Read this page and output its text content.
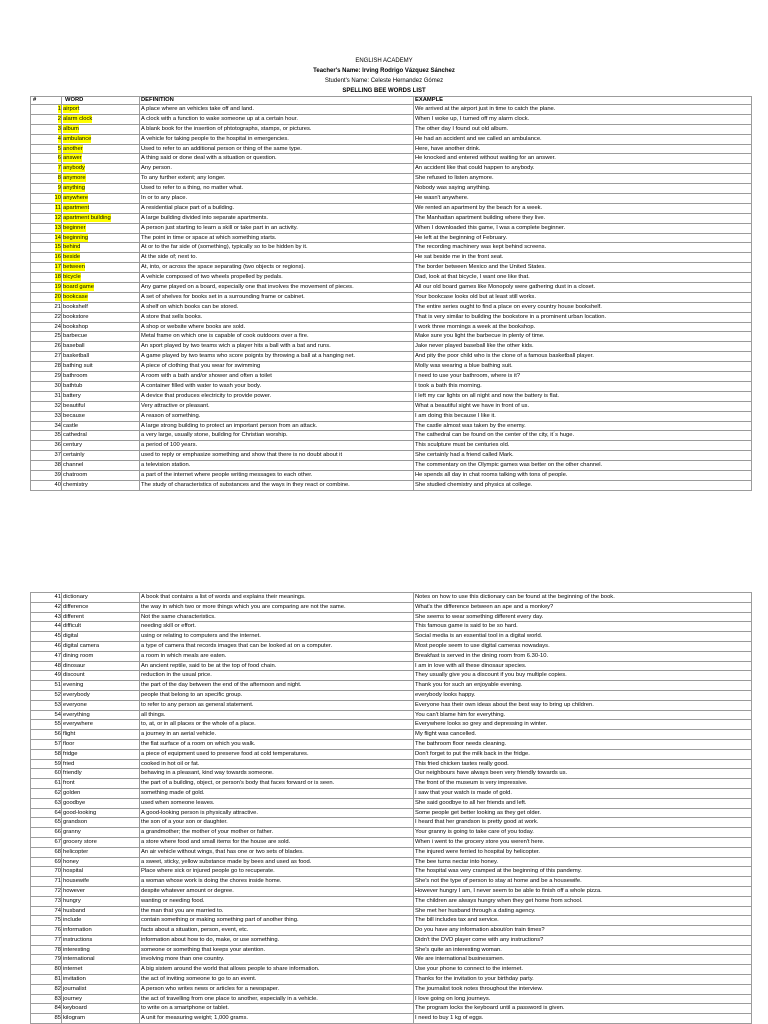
ENGLISH ACADEMY
Teacher's Name: Irving Rodrigo Vázquez Sánchez
Student's Name: Celeste Hernandez Gómez
SPELLING BEE WORDS LIST
#	WORD	DEFINITION	EXAMPLE
1 airport	A place where an vehicles take off and land.	We arrived at the airport just in time to catch the plane.
2 alarm clock	A clock with a function to wake someone up at a certain hour.	When I woke up, I turned off my alarm clock.
3 album	A blank book for the insertion of phtotographs, stamps, or pictures.	The other day I found out old album.
4 ambulance	A vehicle for taking people to the hospital in emergencies.	He had an accident and we called an ambulance.
5 another	Used to refer to an additional person or thing of the same type.	Here, have another drink.
6 answer	A thing said or done deal with a situation or question.	He knocked and entered without waiting for an answer.
7 anybody	Any person.	An accident like that could happen to anybody.
8 anymore	To any further extent; any longer.	She refused to listen anymore.
9 anything	Used to refer to a thing, no matter what.	Nobody was saying anything.
10 anywhere	In or to any place.	He wasn't anywhere.
11 apartment	A residential place part of a building.	We rented an apartment by the beach for a week.
12 apartment building	A large building divided into separate apartments.	The Manhattan apartment building where they live.
13 beginner	A person just starting to learn a skill or take part in an activity.	When I downloaded this game, I was a complete beginner.
14 beginning	The point in time or space at which something starts.	He left at the beginning of February.
15 behind	At or to the far side of (something), typically so to be hidden by it.	The recording machinery was kept behind screens.
16 beside	At the side of; next to.	He sat beside me in the front seat.
17 between	At, into, or across the space separating (two objects or regions).	The border between Mexico and the United States.
18 bicycle	A vehicle composed of two wheels propelled by pedals.	Dad, look at that bicycle, I want one like that.
19 board game	Any game played on a board, especially one that involves the movement of pieces.	All our old board games like Monopoly were gathering dust in a closet.
20 bookcase	A set of shelves for books set in a surrounding frame or cabinet.	Your bookcase looks old but at least still works.
21 bookshelf	A shelf on which books can be stored.	The entire series ought to find a place on every country house bookshelf.
22 bookstore	A store that sells books.	That is very similar to building the bookstore in a prominent urban location.
24 bookshop	A shop or website where books are sold.	I work three mornings a week at the bookshop.
25 barbecue	Metal frame on which one is capable of cook outdoors over a fire.	Make sure you light the barbecue in plenty of time.
26 baseball	An sport played by two teams wich a player hits a ball with a bat and runs.	Jake never played baseball like the other kids.
27 basketball	A game played by two teams who score poignts by throwing a ball at a hanging net.	And pity the poor child who is the clone of a famous basketball player.
28 bathing suit	A piece of clothing that you wear for swimming	Molly was wearing a blue bathing suit.
29 bathroom	A room with a bath and/or shower and often a toilet	I need to use your bathroom, where is it?
30 bathtub	A container filled with water to wash your body.	I took a bath this morning.
31 battery	A device that produces electricity to provide power.	I left my car lights on all night and now the battery is flat.
32 beautiful	Very attractive or pleasant.	What a beautiful sight we have in front of us.
33 because	A reason of something.	I am doing this because I like it.
34 castle	A large strong building to protect an important person from an attack.	The castle almost was taken by the enemy.
35 cathedral	a very large, usually stone, building for Christian worship.	The cathedral can be found on the center of the city, it´s huge.
36 century	a period of 100 years.	This sculpture must be centuries old.
37 certainly	used to reply or emphasize something and show that there is no doubt about it	She certainly had a friend called Mark.
38 channel	a television station.	The commentary on the Olympic games was better on the other channel.
39 chatroom	a part of the internet where people writing messages to each other.	He spends all day in chat rooms talking with tons of people.
40 chemistry	The study of characteristics of substances and the ways in they react or combine.	She studied chemistry and physics at college.
41 dictionary	A book that contains a list of words and explains their meanings.	Notes on how to use this dictionary can be found at the beginning of the book.
42 difference	the way in which two or more things which you are comparing are not the same.	What's the difference between an ape and a monkey?
43 different	Not the same characteristics.	She seems to wear something different every day.
44 difficult	needing skill or effort.	This famous game is said to be so hard.
45 digital	using or relating to computers and the internet.	Social media is an essential tool in a digital world.
46 digital camera	a type of camera that records images that can be looked at on a computer.	Most people seem to use digital cameras nowadays.
47 dining room	a room in which meals are eaten.	Breakfast is served in the dining room from 6.30-10.
48 dinosaur	An ancient reptile, said to be at the top of food chain.	I am in love with all these dinosaur species.
49 discount	reduction in the usual price.	They usually give you a discount if you buy multiple copies.
51 evening	the part of the day between the end of the afternoon and night.	Thank you for such an enjoyable evening.
52 everybody	people that belong to an specific group.	everybody looks happy.
53 everyone	to refer to any person as general statement.	Everyone has their own ideas about the best way to bring up children.
54 everything	all things.	You can't blame him for everything.
55 everywhere	to, at, or in all places or the whole of a place.	Everywhere looks so grey and depressing in winter.
56 flight	a journey in an aerial vehicle.	My flight was cancelled.
57 floor	the flat surface of a room on which you walk.	The bathroom floor needs cleaning.
58 fridge	a piece of equipment used to preserve food at cold temperatures.	Don't forget to put the milk back in the fridge.
59 fried	cooked in hot oil or fat.	This fried chicken tastes really good.
60 friendly	behaving in a pleasant, kind way towards someone.	Our neighbours have always been very friendly towards us.
61 front	the part of a building, object, or person's body that faces forward or is seen.	The front of the museum is very impressive.
62 golden	something made of gold.	I saw that your watch is made of gold.
63 goodbye	used when someone leaves.	She said goodbye to all her friends and left.
64 good-looking	A good-looking person is physically attractive.	Some people get better looking as they get older.
65 grandson	the son of a your son or daughter.	I heard that her grandson is pretty good at work.
66 granny	a grandmother; the mother of your mother or father.	Your granny is going to take care of you today.
67 grocery store	a store where food and small items for the house are sold.	When i went to the grocery store you weren't here.
68 helicopter	An air vehicle without wings, that has one or two sets of blades.	The injured were ferried to hospital by helicopter.
69 honey	a sweet, sticky, yellow substance made by bees and used as food.	The bee turns nectar into honey.
70 hospital	Place where sick or injured people go to recuperate.	The hospital was very cramped at the beginning of this pandemy.
71 housewife	a woman whose work is doing the chores inside home.	She's not the type of person to stay at home and be a housewife.
72 however	despite whatever amount or degree.	However hungry I am, I never seem to be able to finish off a whole pizza.
73 hungry	wanting or needing food.	The children are always hungry when they get home from school.
74 husband	the man that you are married to.	She met her husband through a dating agency.
75 include	contain something or making something part of another thing.	The bill includes tax and service.
76 information	facts about a situation, person, event, etc.	Do you have any information about/on train times?
77 instructions	information about how to do, make, or use something.	Didn't the DVD player come with any instructions?
78 interesting	someone or something that keeps your atention.	She's quite an interesting woman.
79 international	involving more than one country.	We are international businessmen.
80 internet	A big sistem around the world that allows people to share information.	Use your phone to connect to the internet.
81 invitation	the act of inviting someone to go to an event.	Thanks for the invitation to your birthday party.
82 journalist	A person who writes news or articles for a newspaper.	The journalist took notes throughout the interview.
83 journey	the act of travelling from one place to another, especially in a vehicle.	I love going on long journeys.
84 keyboard	to write on a smartphone or tablet.	The program locks the keyboard until a password is given.
85 kilogram	A unit for measuring weight; 1,000 grams.	I need to buy 1 kg of eggs.
